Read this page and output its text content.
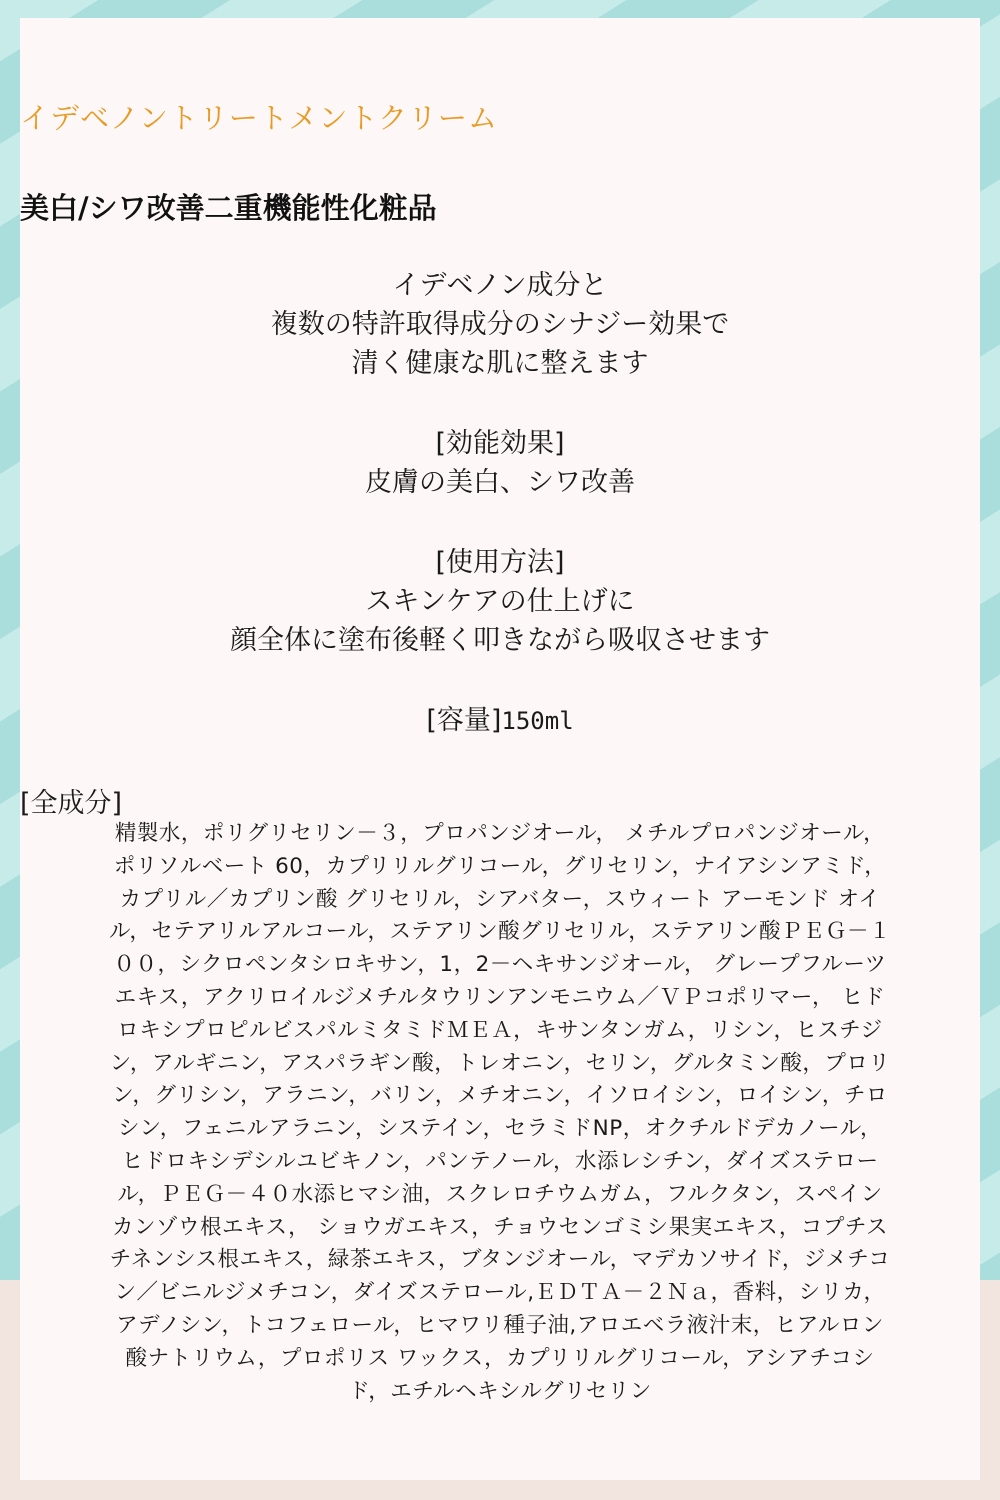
イデベノントリートメントクリーム
美白/シワ改善二重機能性化粧品
イデベノン成分と
複数の特許取得成分のシナジー効果で
清く健康な肌に整えます
[効能効果]
皮膚の美白、シワ改善
[使用方法]
スキンケアの仕上げに
顔全体に塗布後軽く叩きながら吸収させます
[容量]150ml
[全成分]
精製水，ポリグリセリン－３，プロパンジオール， メチルプロパンジオール， ポリソルベート 60，カプリリルグリコール，グリセリン，ナイアシンアミド，カプリル／カプリン酸 グリセリル，シアバター，スウィート アーモンド オイル，セテアリルアルコール，ステアリン酸グリセリル，ステアリン酸ＰＥＧ－１００，シクロペンタシロキサン，1，2－ヘキサンジオール， グレープフルーツエキス，アクリロイルジメチルタウリンアンモニウム／ＶＰコポリマー， ヒドロキシプロピルビスパルミタミドＭＥＡ，キサンタンガム，リシン，ヒスチジン，アルギニン，アスパラギン酸，トレオニン，セリン，グルタミン酸，プロリン，グリシン，アラニン，バリン，メチオニン，イソロイシン，ロイシン，チロシン，フェニルアラニン，システイン，セラミドNP，オクチルドデカノール，ヒドロキシデシルユビキノン，パンテノール，水添レシチン，ダイズステロール，ＰＥＧ－４０水添ヒマシ油，スクレロチウムガム，フルクタン，スペインカンゾウ根エキス， ショウガエキス，チョウセンゴミシ果実エキス，コプチスチネンシス根エキス，緑茶エキス，ブタンジオール，マデカソサイド，ジメチコン／ビニルジメチコン，ダイズステロール,ＥＤＴＡ－２Ｎａ，香料，シリカ，アデノシン，トコフェロール，ヒマワリ種子油,アロエベラ液汁末，ヒアルロン酸ナトリウム，プロポリス ワックス，カプリリルグリコール，アシアチコシド，エチルヘキシルグリセリン
